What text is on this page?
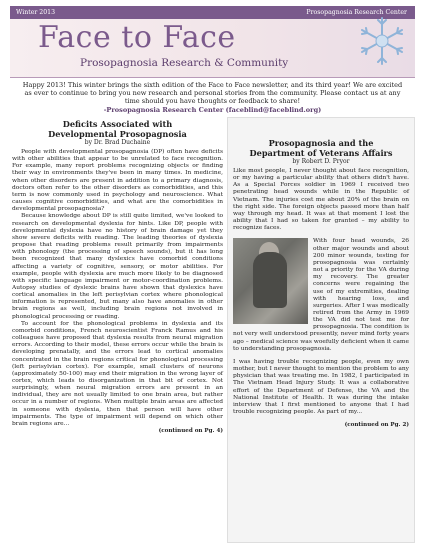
Winter 2013	Prosopagnosia Research Center
Face to Face
Prosopagnosia Research & Community
Happy 2013! This winter brings the sixth edition of the Face to Face newsletter, and its third year! We are excited as ever to continue to bring you new research and personal stories from the community. Please contact us at any time should you have thoughts or feedback to share!
-Prosopagnosia Research Center (faceblind@faceblind.org)
Deficits Associated with
Developmental Prosopagnosia
by Dr. Brad Duchaine

People with developmental prosopagnosia (DP) often have deficits with other abilities that appear to be unrelated to face recognition. For example, many report problems recognizing objects or finding their way in environments they've been in many times. In medicine, when other disorders are present in addition to a primary diagnosis, doctors often refer to the other disorders as comorbidities, and this term is now commonly used in psychology and neuroscience. What causes cognitive comorbidities, and what are the comorbidities in developmental prosopagnosia?

Because knowledge about DP is still quite limited, we've looked to research on developmental dyslexia for hints. Like DP, people with developmental dyslexia have no history of brain damage yet they show severe deficits with reading. The leading theories of dyslexia propose that reading problems result primarily from impairments with phonology (the processing of speech sounds), but it has long been recognized that many dyslexics have comorbid conditions affecting a variety of cognitive, sensory, or motor abilities. For example, people with dyslexia are much more likely to be diagnosed with specific language impairment or motor-coordination problems. Autopsy studies of dyslexic brains have shown that dyslexics have cortical anomalies in the left perisylvian cortex where phonological information is represented, but many also have anomalies in other brain regions as well, including brain regions not involved in phonological processing or reading.

To account for the phonological problems in dyslexia and its comorbid conditions, French neuroscientist Franck Ramus and his colleagues have proposed that dyslexia results from neural migration errors. According to their model, these errors occur while the brain is developing prenatally, and the errors lead to cortical anomalies concentrated in the brain regions critical for phonological processing (left perisylvian cortex). For example, small clusters of neurons (approximately 50-100) may end their migration in the wrong layer of cortex, which leads to disorganization in that bit of cortex. Not surprisingly, when neural migration errors are present in an individual, they are not usually limited to one brain area, but rather occur in a number of regions. When multiple brain areas are affected in someone with dyslexia, then that person will have other impairments. The type of impairment will depend on which other brain regions are...

(continued on Pg. 4)
Prosopagnosia and the
Department of Veterans Affairs
by Robert D. Pryor

Like most people, I never thought about face recognition, or my having a particular ability that others didn't have. As a Special Forces soldier in 1969 I received two penetrating head wounds while in the Republic of Vietnam. The injuries cost me about 20% of the brain on the right side. The foreign objects passed more than half way through my head. It was at that moment I lost the ability that I had so taken for granted – my ability to recognize faces.

With four head wounds, 26 other major wounds and about 200 minor wounds, testing for prosopagnosia was certainly not a priority for the VA during my recovery. The greater concerns were regaining the use of my extremities, dealing with hearing loss, and surgeries. After I was medically retired from the Army in 1969 the VA did not test me for prosopagnosia. The condition is not very well understood presently, never mind forty years ago – medical science was woefully deficient when it came to understanding prosopagnosia.

I was having trouble recognizing people, even my own mother, but I never thought to mention the problem to any physician that was treating me. In 1982, I participated in The Vietnam Head Injury Study. It was a collaborative effort of the Department of Defense, the VA and the National Institute of Health. It was during the intake interview that I first mentioned to anyone that I had trouble recognizing people. As part of my...

(continued on Pg. 2)
